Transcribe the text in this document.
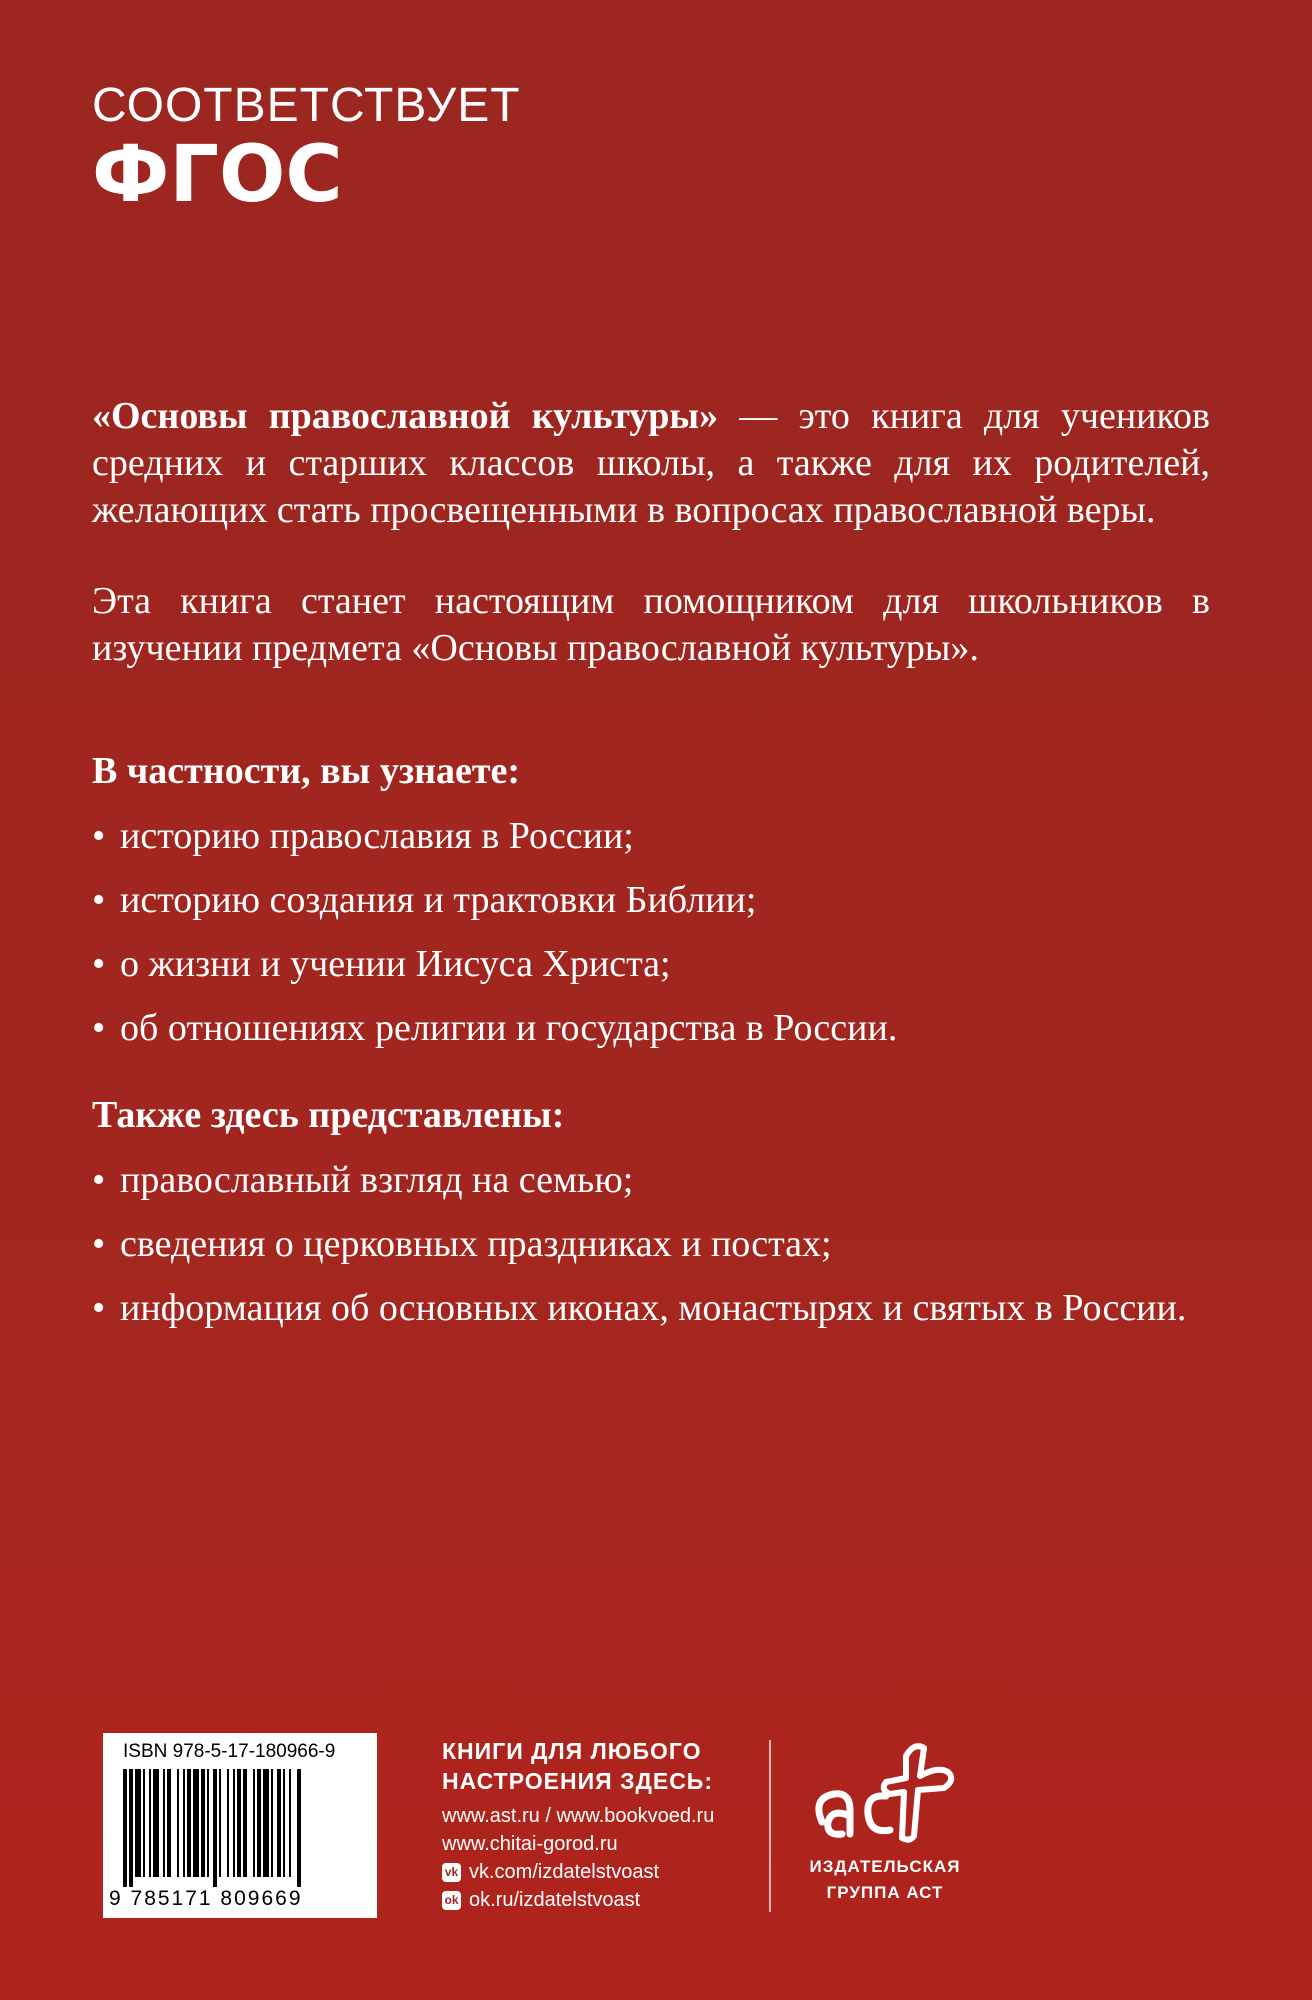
СООТВЕТСТВУЕТ
ФГОС

«Основы православной культуры» — это книга для учеников средних и старших классов школы, а также для их родителей, желающих стать просвещенными в вопросах православной веры.

Эта книга станет настоящим помощником для школьников в изучении предмета «Основы православной культуры».

В частности, вы узнаете:
• историю православия в России;
• историю создания и трактовки Библии;
• о жизни и учении Иисуса Христа;
• об отношениях религии и государства в России.
Также здесь представлены:
• православный взгляд на семью;
• сведения о церковных праздниках и постах;
• информация об основных иконах, монастырях и святых в России.
ISBN 978-5-17-180966-9
9 785171 809669
КНИГИ ДЛЯ ЛЮБОГО
НАСТРОЕНИЯ ЗДЕСЬ:
www.ast.ru / www.bookvoed.ru
www.chitai-gorod.ru
vk vk.com/izdatelstvoast
ok ok.ru/izdatelstvoast
ИЗДАТЕЛЬСКАЯ
ГРУППА АСТ
